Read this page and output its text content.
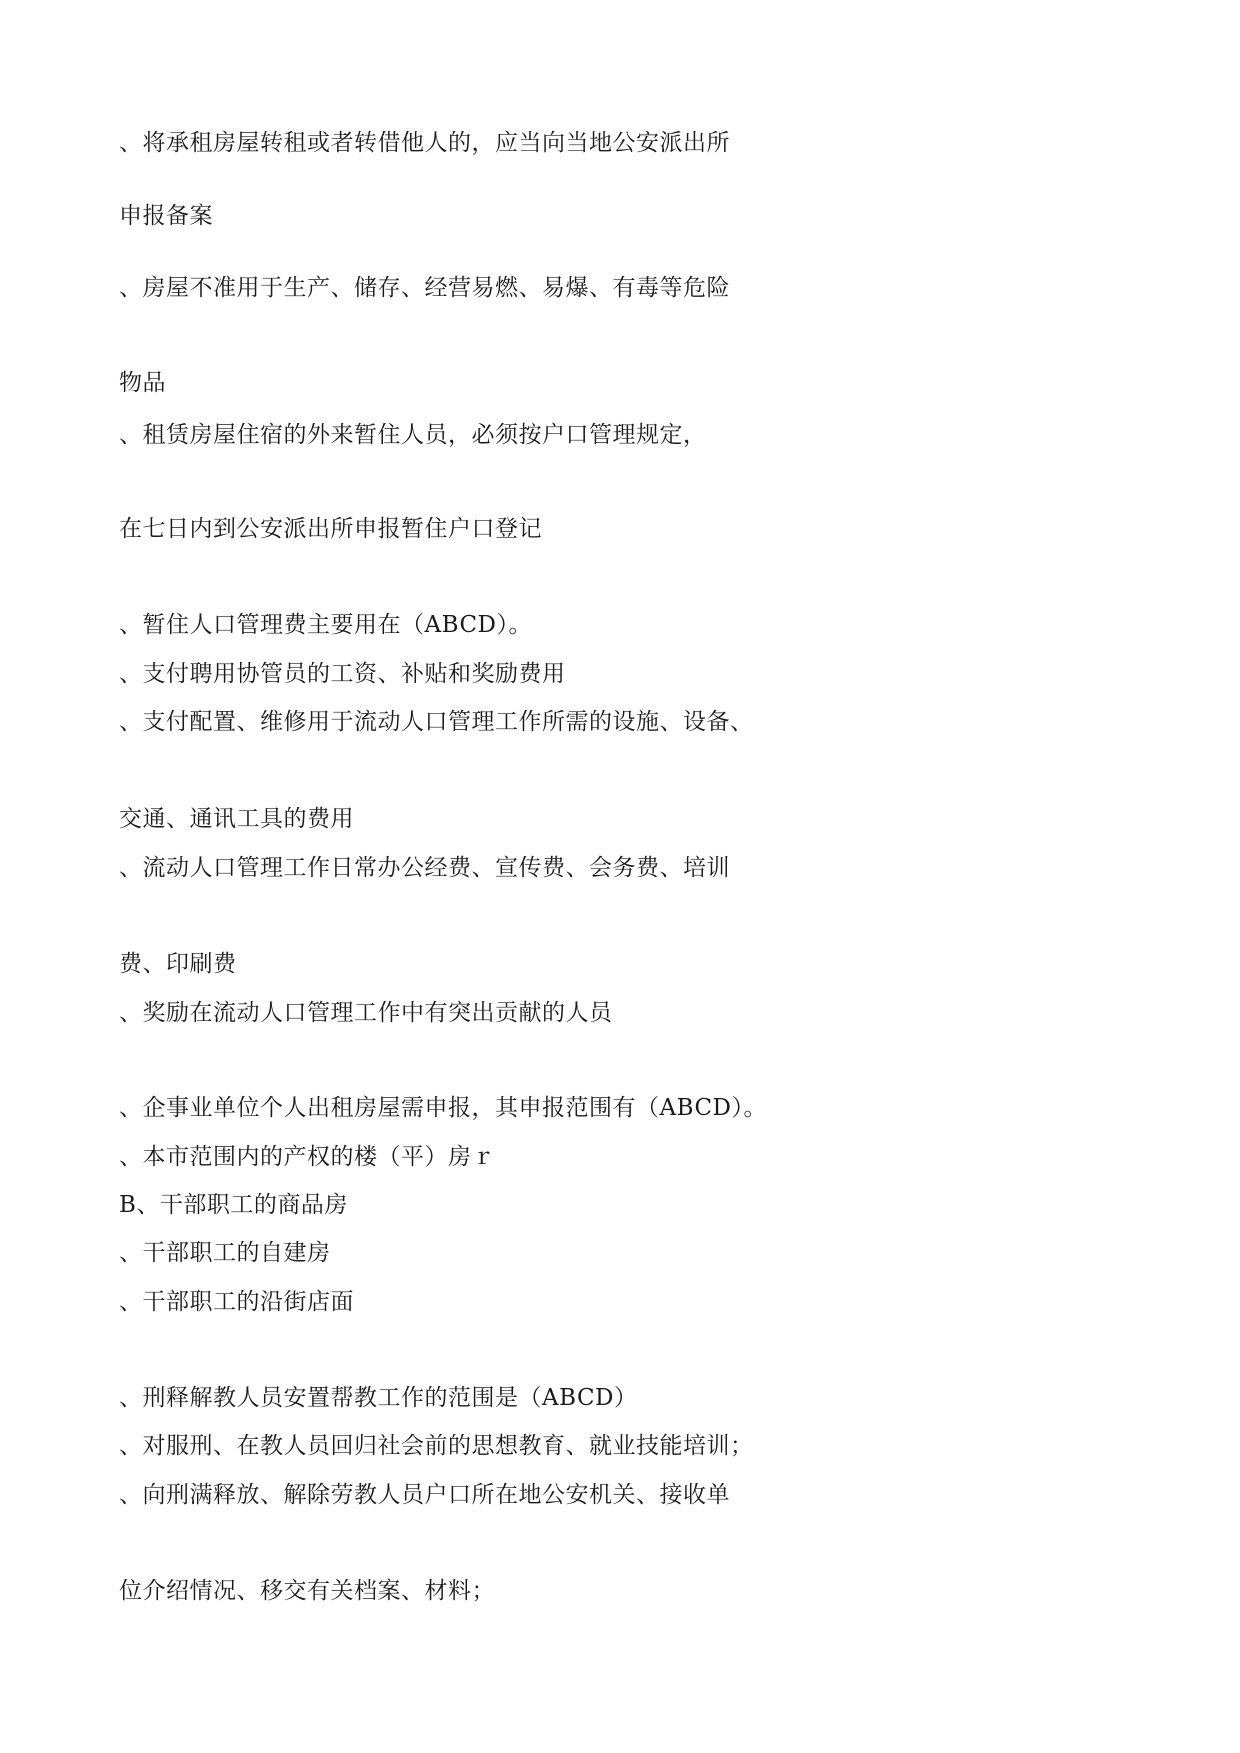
、将承租房屋转租或者转借他人的，应当向当地公安派出所
申报备案
、房屋不准用于生产、储存、经营易燃、易爆、有毒等危险
物品
、租赁房屋住宿的外来暂住人员，必须按户口管理规定，
在七日内到公安派出所申报暂住户口登记
、暂住人口管理费主要用在（ABCD）。
、支付聘用协管员的工资、补贴和奖励费用
、支付配置、维修用于流动人口管理工作所需的设施、设备、
交通、通讯工具的费用
、流动人口管理工作日常办公经费、宣传费、会务费、培训
费、印刷费
、奖励在流动人口管理工作中有突出贡献的人员
、企事业单位个人出租房屋需申报，其申报范围有（ABCD）。
、本市范围内的产权的楼（平）房ｒ
B、干部职工的商品房
、干部职工的自建房
、干部职工的沿街店面
、刑释解教人员安置帮教工作的范围是（ABCD）
、对服刑、在教人员回归社会前的思想教育、就业技能培训；
、向刑满释放、解除劳教人员户口所在地公安机关、接收单
位介绍情况、移交有关档案、材料；
